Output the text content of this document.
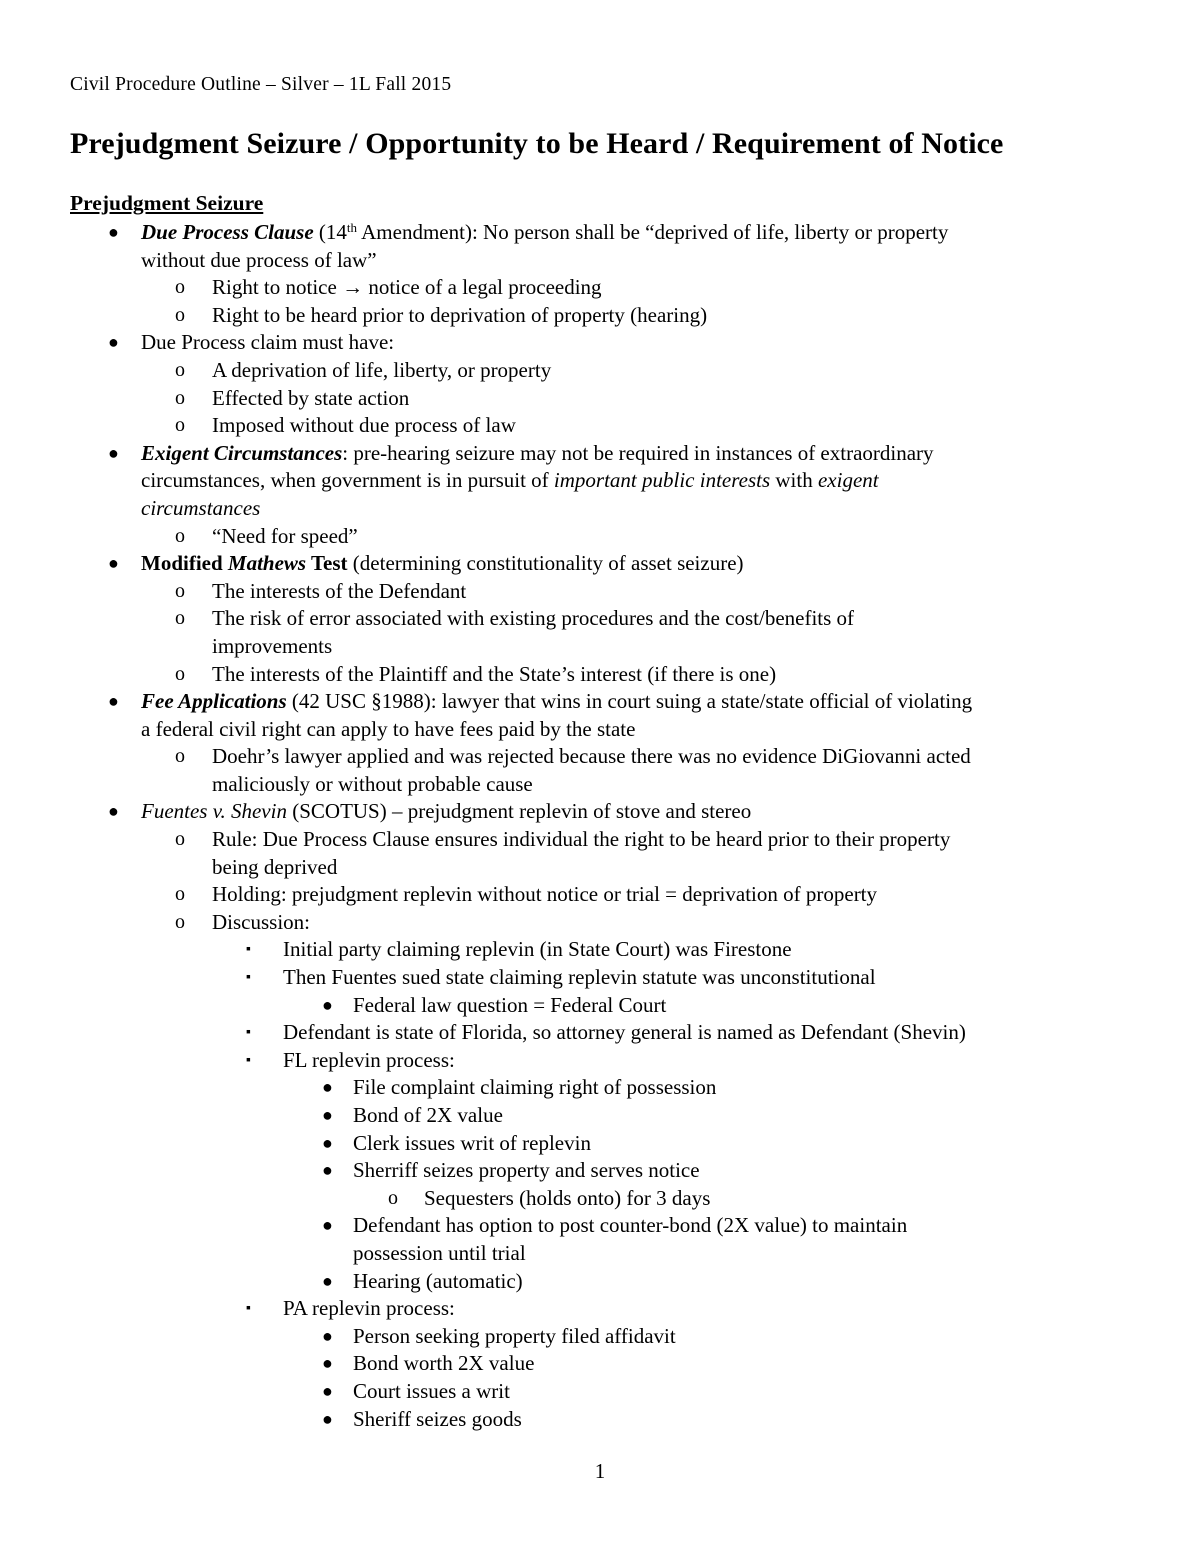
Civil Procedure Outline – Silver – 1L Fall 2015
Prejudgment Seizure / Opportunity to be Heard / Requirement of Notice
Prejudgment Seizure
● Due Process Clause (14th Amendment): No person shall be “deprived of life, liberty or property
without due process of law”
o Right to notice → notice of a legal proceeding
o Right to be heard prior to deprivation of property (hearing)
● Due Process claim must have:
o A deprivation of life, liberty, or property
o Effected by state action
o Imposed without due process of law
● Exigent Circumstances: pre-hearing seizure may not be required in instances of extraordinary
circumstances, when government is in pursuit of important public interests with exigent
circumstances
o “Need for speed”
● Modified Mathews Test (determining constitutionality of asset seizure)
o The interests of the Defendant
o The risk of error associated with existing procedures and the cost/benefits of
improvements
o The interests of the Plaintiff and the State’s interest (if there is one)
● Fee Applications (42 USC §1988): lawyer that wins in court suing a state/state official of violating
a federal civil right can apply to have fees paid by the state
o Doehr’s lawyer applied and was rejected because there was no evidence DiGiovanni acted
maliciously or without probable cause
● Fuentes v. Shevin (SCOTUS) – prejudgment replevin of stove and stereo
o Rule: Due Process Clause ensures individual the right to be heard prior to their property
being deprived
o Holding: prejudgment replevin without notice or trial = deprivation of property
o Discussion:
▪ Initial party claiming replevin (in State Court) was Firestone
▪ Then Fuentes sued state claiming replevin statute was unconstitutional
● Federal law question = Federal Court
▪ Defendant is state of Florida, so attorney general is named as Defendant (Shevin)
▪ FL replevin process:
● File complaint claiming right of possession
● Bond of 2X value
● Clerk issues writ of replevin
● Sherriff seizes property and serves notice
o Sequesters (holds onto) for 3 days
● Defendant has option to post counter-bond (2X value) to maintain
possession until trial
● Hearing (automatic)
▪ PA replevin process:
● Person seeking property filed affidavit
● Bond worth 2X value
● Court issues a writ
● Sheriff seizes goods
1
